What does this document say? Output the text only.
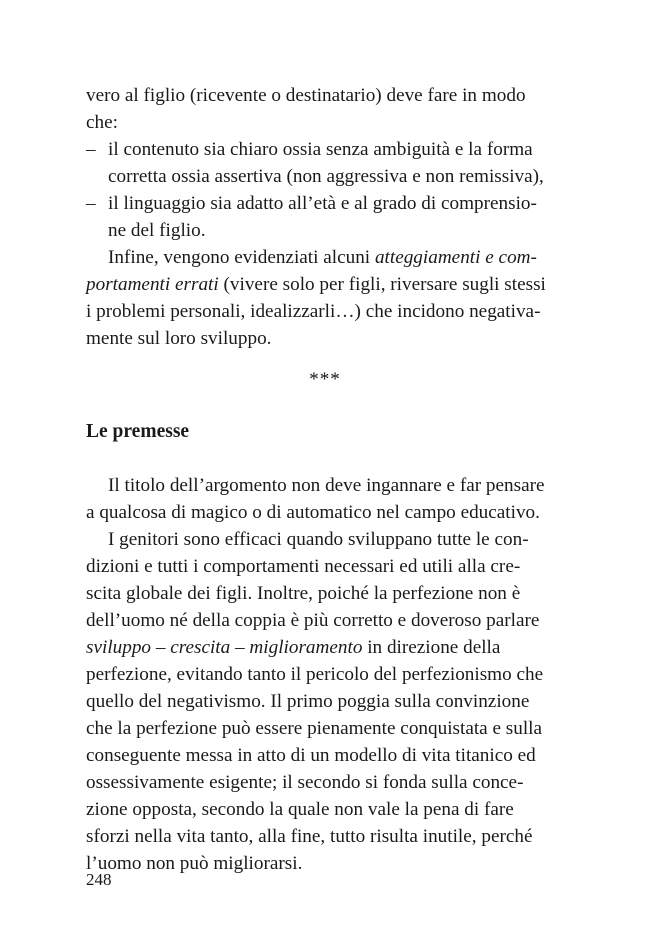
vero al figlio (ricevente o destinatario) deve fare in modo
che:
– il contenuto sia chiaro ossia senza ambiguità e la forma
corretta ossia assertiva (non aggressiva e non remissiva),
– il linguaggio sia adatto all’età e al grado di comprensio-
ne del figlio.
Infine, vengono evidenziati alcuni atteggiamenti e com-
portamenti errati (vivere solo per figli, riversare sugli stessi
i problemi personali, idealizzarli…) che incidono negativa-
mente sul loro sviluppo.
***
Le premesse
Il titolo dell’argomento non deve ingannare e far pensare
a qualcosa di magico o di automatico nel campo educativo.
I genitori sono efficaci quando sviluppano tutte le con-
dizioni e tutti i comportamenti necessari ed utili alla cre-
scita globale dei figli. Inoltre, poiché la perfezione non è
dell’uomo né della coppia è più corretto e doveroso parlare
sviluppo – crescita – miglioramento in direzione della
perfezione, evitando tanto il pericolo del perfezionismo che
quello del negativismo. Il primo poggia sulla convinzione
che la perfezione può essere pienamente conquistata e sulla
conseguente messa in atto di un modello di vita titanico ed
ossessivamente esigente; il secondo si fonda sulla conce-
zione opposta, secondo la quale non vale la pena di fare
sforzi nella vita tanto, alla fine, tutto risulta inutile, perché
l’uomo non può migliorarsi.
248
